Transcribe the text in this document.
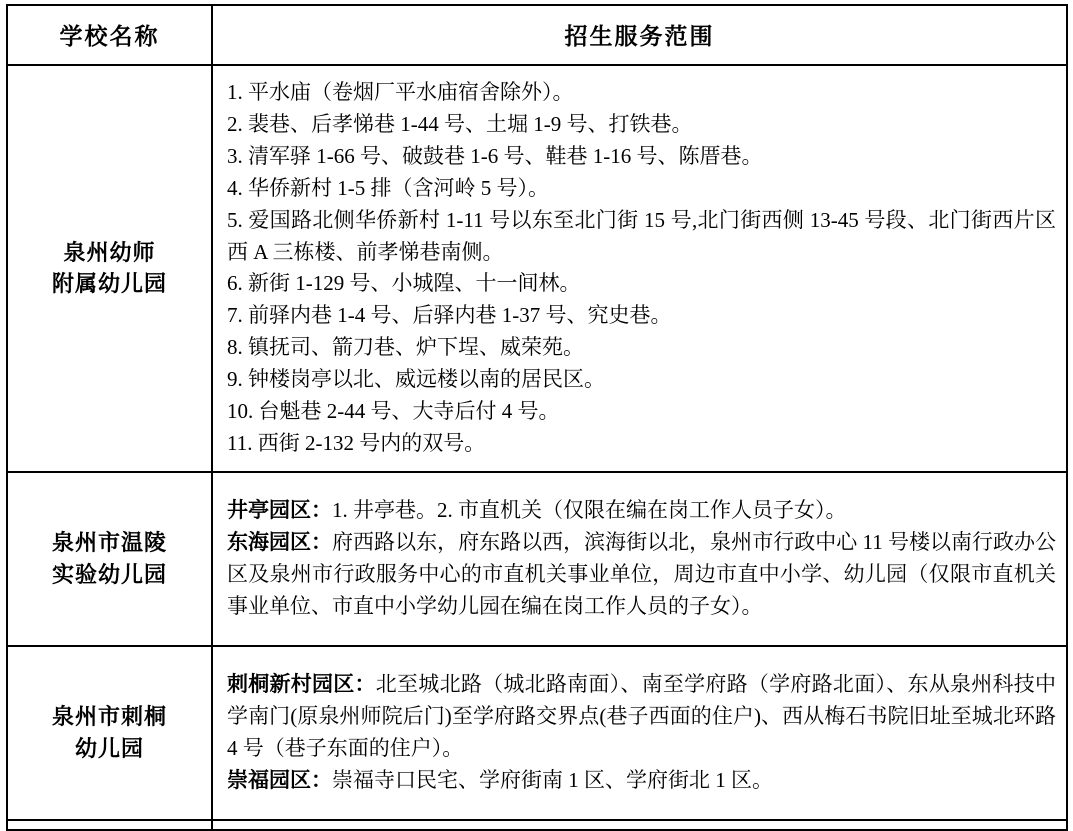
学校名称	招生服务范围

泉州幼师
附属幼儿园

1. 平水庙（卷烟厂平水庙宿舍除外）。
2. 裴巷、后孝悌巷 1-44 号、土堀 1-9 号、打铁巷。
3. 清军驿 1-66 号、破鼓巷 1-6 号、鞋巷 1-16 号、陈厝巷。
4. 华侨新村 1-5 排（含河岭 5 号）。
5. 爱国路北侧华侨新村 1-11 号以东至北门街 15 号,北门街西侧 13-45 号段、北门街西片区西 A 三栋楼、前孝悌巷南侧。
6. 新街 1-129 号、小城隍、十一间林。
7. 前驿内巷 1-4 号、后驿内巷 1-37 号、究史巷。
8. 镇抚司、箭刀巷、炉下埕、威荣苑。
9. 钟楼岗亭以北、威远楼以南的居民区。
10. 台魁巷 2-44 号、大寺后付 4 号。
11. 西街 2-132 号内的双号。

泉州市温陵
实验幼儿园

井亭园区：1. 井亭巷。2. 市直机关（仅限在编在岗工作人员子女）。
东海园区：府西路以东，府东路以西，滨海街以北，泉州市行政中心 11 号楼以南行政办公区及泉州市行政服务中心的市直机关事业单位，周边市直中小学、幼儿园（仅限市直机关事业单位、市直中小学幼儿园在编在岗工作人员的子女）。

泉州市刺桐
幼儿园

刺桐新村园区：北至城北路（城北路南面）、南至学府路（学府路北面）、东从泉州科技中学南门(原泉州师院后门)至学府路交界点(巷子西面的住户)、西从梅石书院旧址至城北环路 4 号（巷子东面的住户）。
崇福园区：崇福寺口民宅、学府街南 1 区、学府街北 1 区。
